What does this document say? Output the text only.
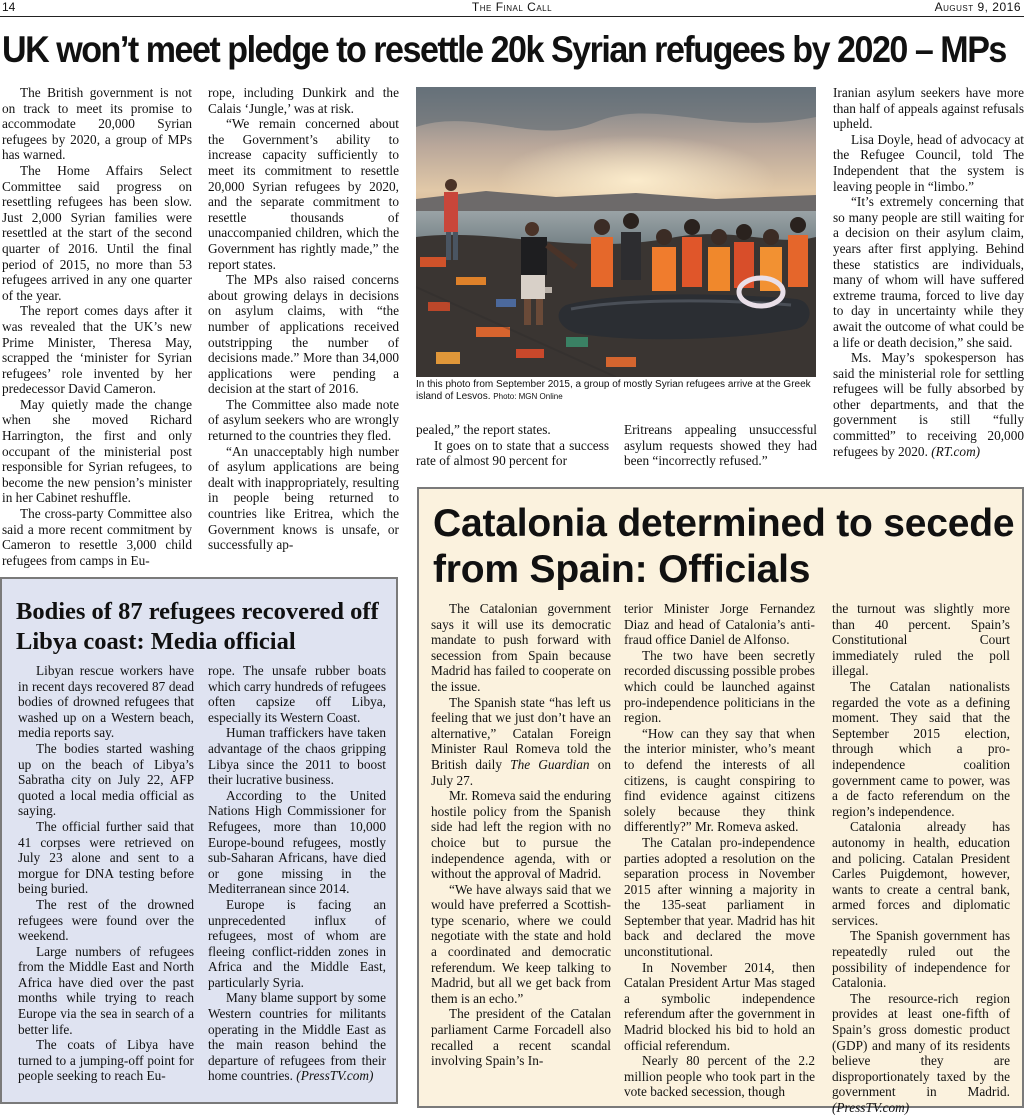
14	The Final Call	August 9, 2016
UK won’t meet pledge to resettle 20k Syrian refugees by 2020 – MPs

The British government is not on track to meet its promise to accommodate 20,000 Syrian refugees by 2020, a group of MPs has warned.

The Home Affairs Select Committee said progress on resettling refugees has been slow. Just 2,000 Syrian families were resettled at the start of the second quarter of 2016. Until the final period of 2015, no more than 53 refugees arrived in any one quarter of the year.

The report comes days after it was revealed that the UK’s new Prime Minister, Theresa May, scrapped the ‘minister for Syrian refugees’ role invented by her predecessor David Cameron.

May quietly made the change when she moved Richard Harrington, the first and only occupant of the ministerial post responsible for Syrian refugees, to become the new pension’s minister in her Cabinet reshuffle.

The cross-party Committee also said a more recent commitment by Cameron to resettle 3,000 child refugees from camps in Eu-

rope, including Dunkirk and the Calais ‘Jungle,’ was at risk.

“We remain concerned about the Government’s ability to increase capacity sufficiently to meet its commitment to resettle 20,000 Syrian refugees by 2020, and the separate commitment to resettle thousands of unaccompanied children, which the Government has rightly made,” the report states.

The MPs also raised concerns about growing delays in decisions on asylum claims, with “the number of applications received outstripping the number of decisions made.” More than 34,000 applications were pending a decision at the start of 2016.

The Committee also made note of asylum seekers who are wrongly returned to the countries they fled.

“An unacceptably high number of asylum applications are being dealt with inappropriately, resulting in people being returned to countries like Eritrea, which the Government knows is unsafe, or successfully ap-

In this photo from September 2015, a group of mostly Syrian refugees arrive at the Greek island of Lesvos. Photo: MGN Online

pealed,” the report states.

It goes on to state that a success rate of almost 90 percent for

Eritreans appealing unsuccessful asylum requests showed they had been “incorrectly refused.”

Iranian asylum seekers have more than half of appeals against refusals upheld.

Lisa Doyle, head of advocacy at the Refugee Council, told The Independent that the system is leaving people in “limbo.”

“It’s extremely concerning that so many people are still waiting for a decision on their asylum claim, years after first applying. Behind these statistics are individuals, many of whom will have suffered extreme trauma, forced to live day to day in uncertainty while they await the outcome of what could be a life or death decision,” she said.

Ms. May’s spokesperson has said the ministerial role for settling refugees will be fully absorbed by other departments, and that the government is still “fully committed” to receiving 20,000 refugees by 2020. (RT.com)

Bodies of 87 refugees recovered off Libya coast: Media official

Libyan rescue workers have in recent days recovered 87 dead bodies of drowned refugees that washed up on a Western beach, media reports say.

The bodies started washing up on the beach of Libya’s Sabratha city on July 22, AFP quoted a local media official as saying.

The official further said that 41 corpses were retrieved on July 23 alone and sent to a morgue for DNA testing before being buried.

The rest of the drowned refugees were found over the weekend.

Large numbers of refugees from the Middle East and North Africa have died over the past months while trying to reach Europe via the sea in search of a better life.

The coats of Libya have turned to a jumping-off point for people seeking to reach Eu-

rope. The unsafe rubber boats which carry hundreds of refugees often capsize off Libya, especially its Western Coast.

Human traffickers have taken advantage of the chaos gripping Libya since the 2011 to boost their lucrative business.

According to the United Nations High Commissioner for Refugees, more than 10,000 Europe-bound refugees, mostly sub-Saharan Africans, have died or gone missing in the Mediterranean since 2014.

Europe is facing an unprecedented influx of refugees, most of whom are fleeing conflict-ridden zones in Africa and the Middle East, particularly Syria.

Many blame support by some Western countries for militants operating in the Middle East as the main reason behind the departure of refugees from their home countries. (PressTV.com)

Catalonia determined to secede from Spain: Officials

The Catalonian government says it will use its democratic mandate to push forward with secession from Spain because Madrid has failed to cooperate on the issue.

The Spanish state “has left us feeling that we just don’t have an alternative,” Catalan Foreign Minister Raul Romeva told the British daily The Guardian on July 27.

Mr. Romeva said the enduring hostile policy from the Spanish side had left the region with no choice but to pursue the independence agenda, with or without the approval of Madrid.

“We have always said that we would have preferred a Scottish-type scenario, where we could negotiate with the state and hold a coordinated and democratic referendum. We keep talking to Madrid, but all we get back from them is an echo.”

The president of the Catalan parliament Carme Forcadell also recalled a recent scandal involving Spain’s In-

terior Minister Jorge Fernandez Diaz and head of Catalonia’s anti-fraud office Daniel de Alfonso.

The two have been secretly recorded discussing possible probes which could be launched against pro-independence politicians in the region.

“How can they say that when the interior minister, who’s meant to defend the interests of all citizens, is caught conspiring to find evidence against citizens solely because they think differently?” Mr. Romeva asked.

The Catalan pro-independence parties adopted a resolution on the separation process in November 2015 after winning a majority in the 135-seat parliament in September that year. Madrid has hit back and declared the move unconstitutional.

In November 2014, then Catalan President Artur Mas staged a symbolic independence referendum after the government in Madrid blocked his bid to hold an official referendum.

Nearly 80 percent of the 2.2 million people who took part in the vote backed secession, though

the turnout was slightly more than 40 percent. Spain’s Constitutional Court immediately ruled the poll illegal.

The Catalan nationalists regarded the vote as a defining moment. They said that the September 2015 election, through which a pro-independence coalition government came to power, was a de facto referendum on the region’s independence.

Catalonia already has autonomy in health, education and policing. Catalan President Carles Puigdemont, however, wants to create a central bank, armed forces and diplomatic services.

The Spanish government has repeatedly ruled out the possibility of independence for Catalonia.

The resource-rich region provides at least one-fifth of Spain’s gross domestic product (GDP) and many of its residents believe they are disproportionately taxed by the government in Madrid. (PressTV.com)
